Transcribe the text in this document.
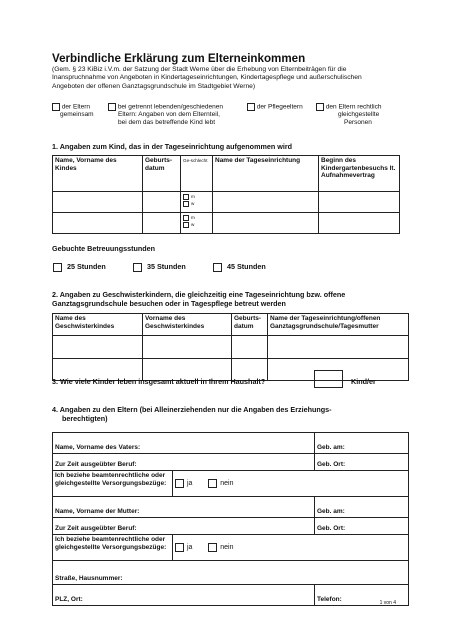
Verbindliche Erklärung zum Elterneinkommen
(Gem. § 23 KiBiz i.V.m. der Satzung der Stadt Werne über die Erhebung von Elternbeiträgen für die
Inanspruchnahme von Angeboten in Kindertageseinrichtungen, Kindertagespflege und außerschulischen
Angeboten der offenen Ganztagsgrundschule im Stadtgebiet Werne)
der Eltern
gemeinsam
bei getrennt lebenden/geschiedenen
Eltern: Angaben von dem Elternteil,
bei dem das betreffende Kind lebt
der Pflegeeltern	den Eltern rechtlich
gleichgestellte
Personen
1. Angaben zum Kind, das in der Tageseinrichtung aufgenommen wird
Name, Vorname des Kindes	Geburts-datum	Ge-schlecht	Name der Tageseinrichtung	Beginn des Kindergartenbesuchs lt. Aufnahmevertrag

		m
w		

		m
w		

Gebuchte Betreuungsstunden
25 Stunden	35 Stunden	45 Stunden
2. Angaben zu Geschwisterkindern, die gleichzeitig eine Tageseinrichtung bzw. offene
Ganztagsgrundschule besuchen oder in Tagespflege betreut werden
Name des Geschwisterkindes	Vorname des Geschwisterkindes	Geburts-datum	Name der Tageseinrichtung/offenen Ganztagsgrundschule/Tagesmutter

3. Wie viele Kinder leben insgesamt aktuell in Ihrem Haushalt?	Kind/er
4. Angaben zu den Eltern (bei Alleinerziehenden nur die Angaben des Erziehungs-
berechtigten)
Name, Vorname des Vaters:		Geb. am:
Zur Zeit ausgeübter Beruf:		Geb. Ort:
Ich beziehe beamtenrechtliche oder gleichgestellte Versorgungsbezüge:	ja nein	
Name, Vorname der Mutter:		Geb. am:
Zur Zeit ausgeübter Beruf:		Geb. Ort:
Ich beziehe beamtenrechtliche oder gleichgestellte Versorgungsbezüge:	ja nein	
Straße, Hausnummer:		
PLZ, Ort:		Telefon:	1 von 4
